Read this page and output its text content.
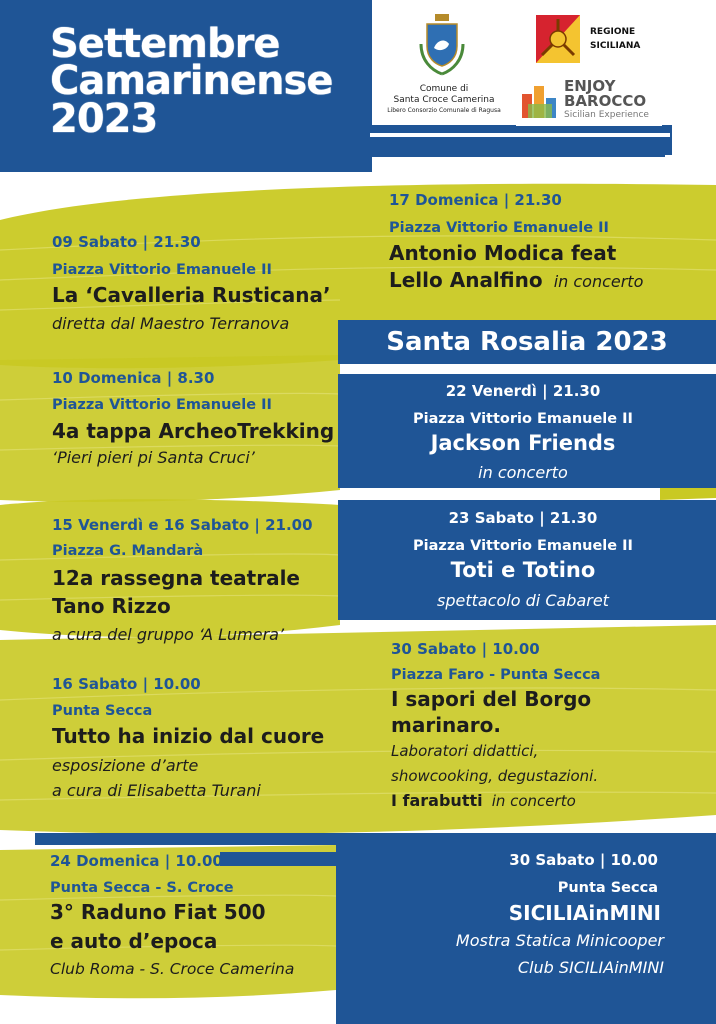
Settembre
Camarinense
2023
Comune di
Santa Croce Camerina
Libero Consorzio Comunale di Ragusa
REGIONE
SICILIANA
ENJOY
BAROCCO
Sicilian Experience
09 Sabato | 21.30
Piazza Vittorio Emanuele II
La ‘Cavalleria Rusticana’
diretta dal Maestro Terranova
10 Domenica | 8.30
Piazza Vittorio Emanuele II
4a tappa ArcheoTrekking
‘Pieri pieri pi Santa Cruci’
15 Venerdì e 16 Sabato | 21.00
Piazza G. Mandarà
12a rassegna teatrale
Tano Rizzo
a cura del gruppo ‘A Lumera’
16 Sabato | 10.00
Punta Secca
Tutto ha inizio dal cuore
esposizione d’arte
a cura di Elisabetta Turani
17 Domenica | 21.30
Piazza Vittorio Emanuele II
Antonio Modica feat
Lello Analfino in concerto
Santa Rosalia 2023
22 Venerdì | 21.30
Piazza Vittorio Emanuele II
Jackson Friends
in concerto
23 Sabato | 21.30
Piazza Vittorio Emanuele II
Toti e Totino
spettacolo di Cabaret
30 Sabato | 10.00
Piazza Faro - Punta Secca
I sapori del Borgo
marinaro.
Laboratori didattici,
showcooking, degustazioni.
I farabutti in concerto
24 Domenica | 10.00
Punta Secca - S. Croce
3° Raduno Fiat 500
e auto d’epoca
Club Roma - S. Croce Camerina
30 Sabato | 10.00
Punta Secca
SICILIAinMINI
Mostra Statica Minicooper
Club SICILIAinMINI
